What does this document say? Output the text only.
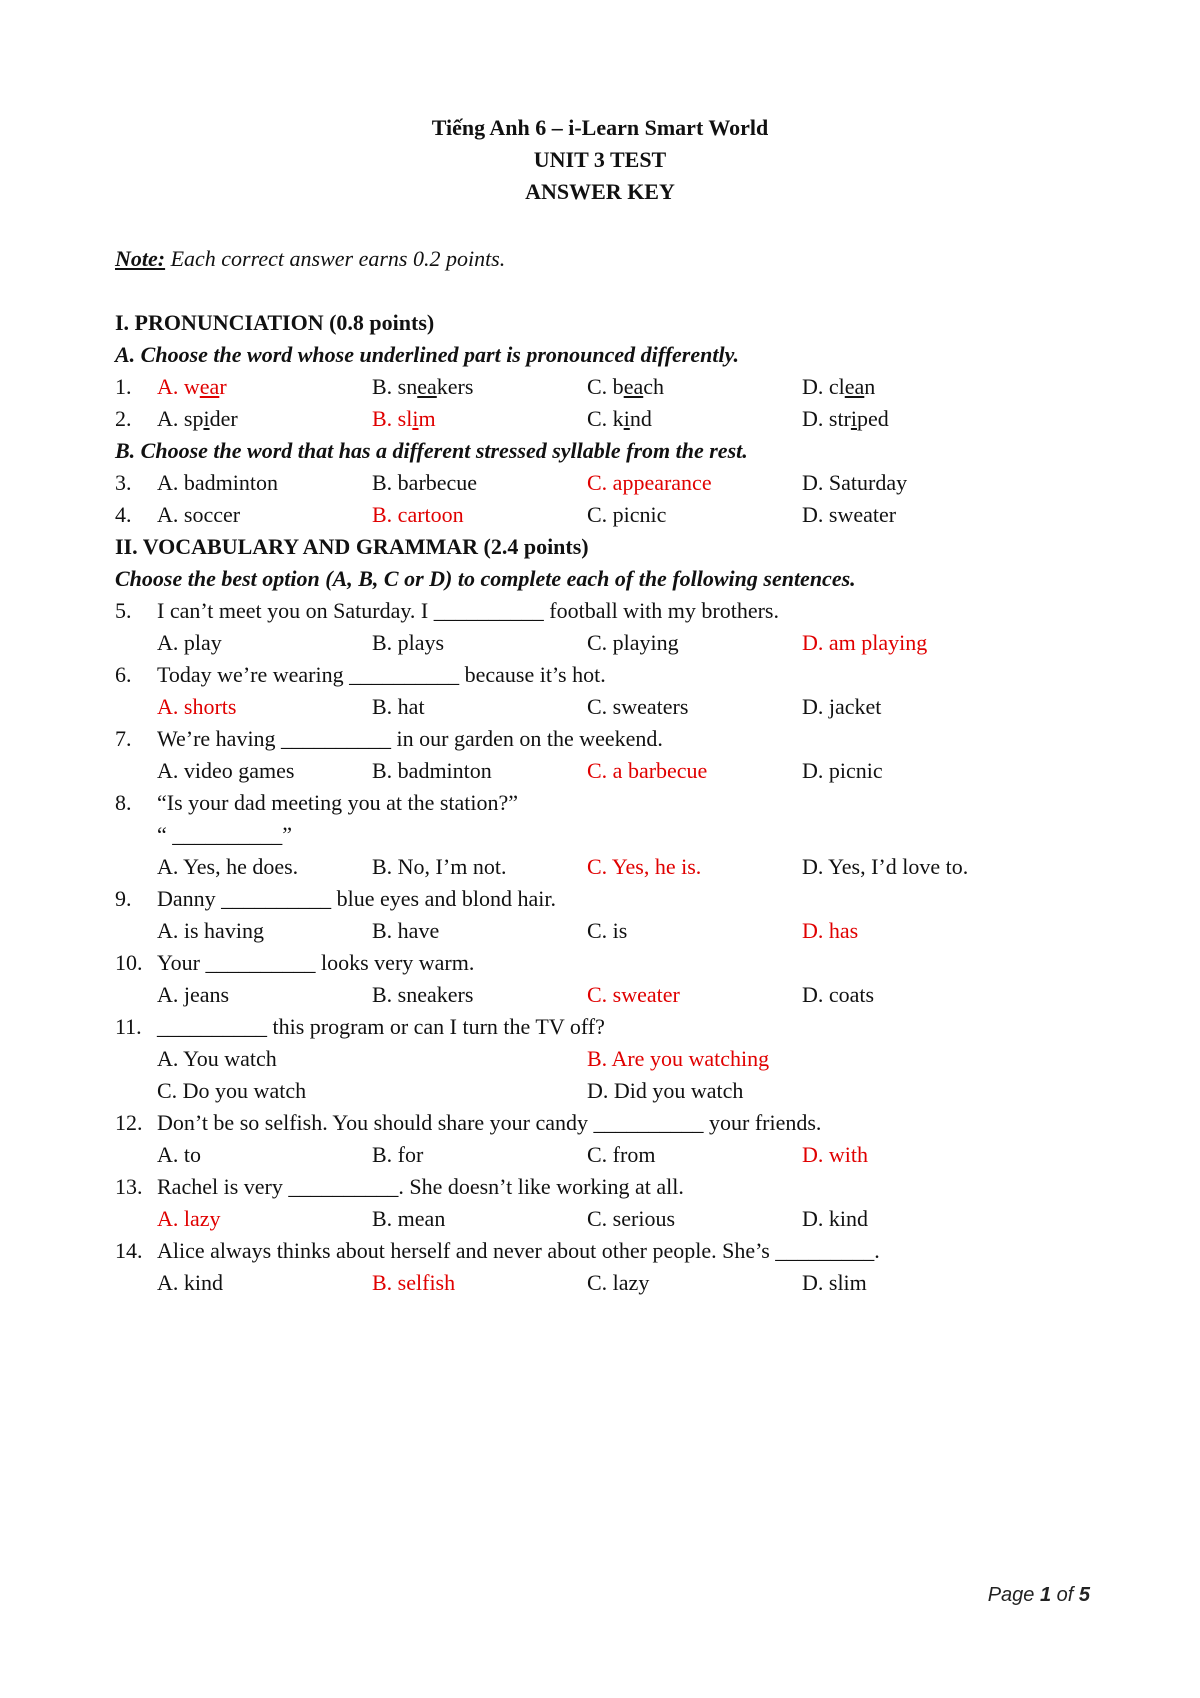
Tiếng Anh 6 – i-Learn Smart World
UNIT 3 TEST
ANSWER KEY
Note: Each correct answer earns 0.2 points.
I. PRONUNCIATION (0.8 points)
A. Choose the word whose underlined part is pronounced differently.
1. A. wear	B. sneakers	C. beach	D. clean
2. A. spider	B. slim	C. kind	D. striped
B. Choose the word that has a different stressed syllable from the rest.
3. A. badminton	B. barbecue	C. appearance	D. Saturday
4. A. soccer	B. cartoon	C. picnic	D. sweater
II. VOCABULARY AND GRAMMAR (2.4 points)
Choose the best option (A, B, C or D) to complete each of the following sentences.
5. I can’t meet you on Saturday. I __________ football with my brothers.
A. play	B. plays	C. playing	D. am playing
6. Today we’re wearing __________ because it’s hot.
A. shorts	B. hat	C. sweaters	D. jacket
7. We’re having __________ in our garden on the weekend.
A. video games	B. badminton	C. a barbecue	D. picnic
8. “Is your dad meeting you at the station?”
“ __________”
A. Yes, he does.	B. No, I’m not.	C. Yes, he is.	D. Yes, I’d love to.
9. Danny __________ blue eyes and blond hair.
A. is having	B. have	C. is	D. has
10. Your __________ looks very warm.
A. jeans	B. sneakers	C. sweater	D. coats
11. __________ this program or can I turn the TV off?
A. You watch	B. Are you watching
C. Do you watch	D. Did you watch
12. Don’t be so selfish. You should share your candy __________ your friends.
A. to	B. for	C. from	D. with
13. Rachel is very __________. She doesn’t like working at all.
A. lazy	B. mean	C. serious	D. kind
14. Alice always thinks about herself and never about other people. She’s _________.
A. kind	B. selfish	C. lazy	D. slim
Page 1 of 5
